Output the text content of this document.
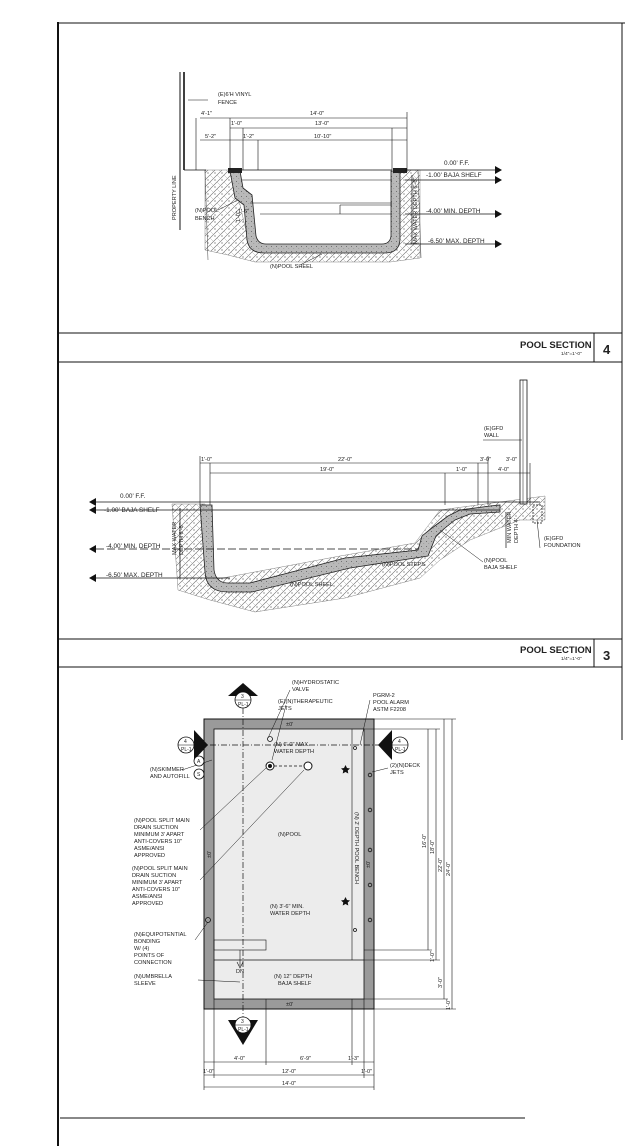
(E)6'H VINYL
FENCE
PROPERTY LINE
4'-1"	14'-0"
1'-0"	13'-0"
5'-2"	1'-2"	10'-10"
(N)POOL
BENCH
1'-6"
1'-0"
(N)POOL SHEEL
MAX WATER DEPTH 6'-6"
0.00' F.F.
-1.00' BAJA SHELF
-4.00' MIN. DEPTH
-6.50' MAX. DEPTH
POOL SECTION
1/4"=1'-0" 4
(E)GFD
WALL
1'-0"	22'-0"	3'-0"
19'-0"
3'-0"
1'-0"	4'-0"
0.00' F.F.
-1.00' BAJA SHELF
-4.00' MIN. DEPTH
-6.50' MAX. DEPTH
MAX WATER DEPTH 6'-6"	MIN WATER DEPTH 4'	(E)GFD
FOUNDATION
(N)POOL STEPS
(N)POOL
BAJA SHELF
(N)POOL SHEEL
POOL SECTION
1/4"=1'-0" 3
3
PL-1
4
PL-1
4
PL-1
3
PL-1
A
S
(N)HYDROSTATIC
VALVE
(E)(N)THERAPEUTIC
JETS
PGRM-2
POOL ALARM
ASTM F2208
(2)(N)DECK
JETS
(N)SKIMMER
AND AUTOFILL
(N)POOL SPLIT MAIN
DRAIN SUCTION
MINIMUM 3' APART
ANTI-COVERS 10"
ASME/ANSI
APPROVED
(N)POOL SPLIT MAIN
DRAIN SUCTION
MINIMUM 3' APART
ANTI-COVERS 10"
ASME/ANSI
APPROVED
(N)EQUIPOTENTIAL
BONDING
W/ (4)
POINTS OF
CONNECTION
(N)UMBRELLA
SLEEVE
(N) 6'-0" MAX.
WATER DEPTH
(N)POOL
(N) 3'-6" MIN.
WATER DEPTH
(N) 2' DEPTH POOL BENCH
DN
(N) 12" DEPTH
BAJA SHELF
±0'
±0'
±0'
±0'
16'-0" 18'-0"
22'-0" 24'-0"
1'-0"
3'-0"
1'-0"
4'-0"	6'-9"	1'-3"
1'-0"	12'-0"	1'-0"
14'-0"
